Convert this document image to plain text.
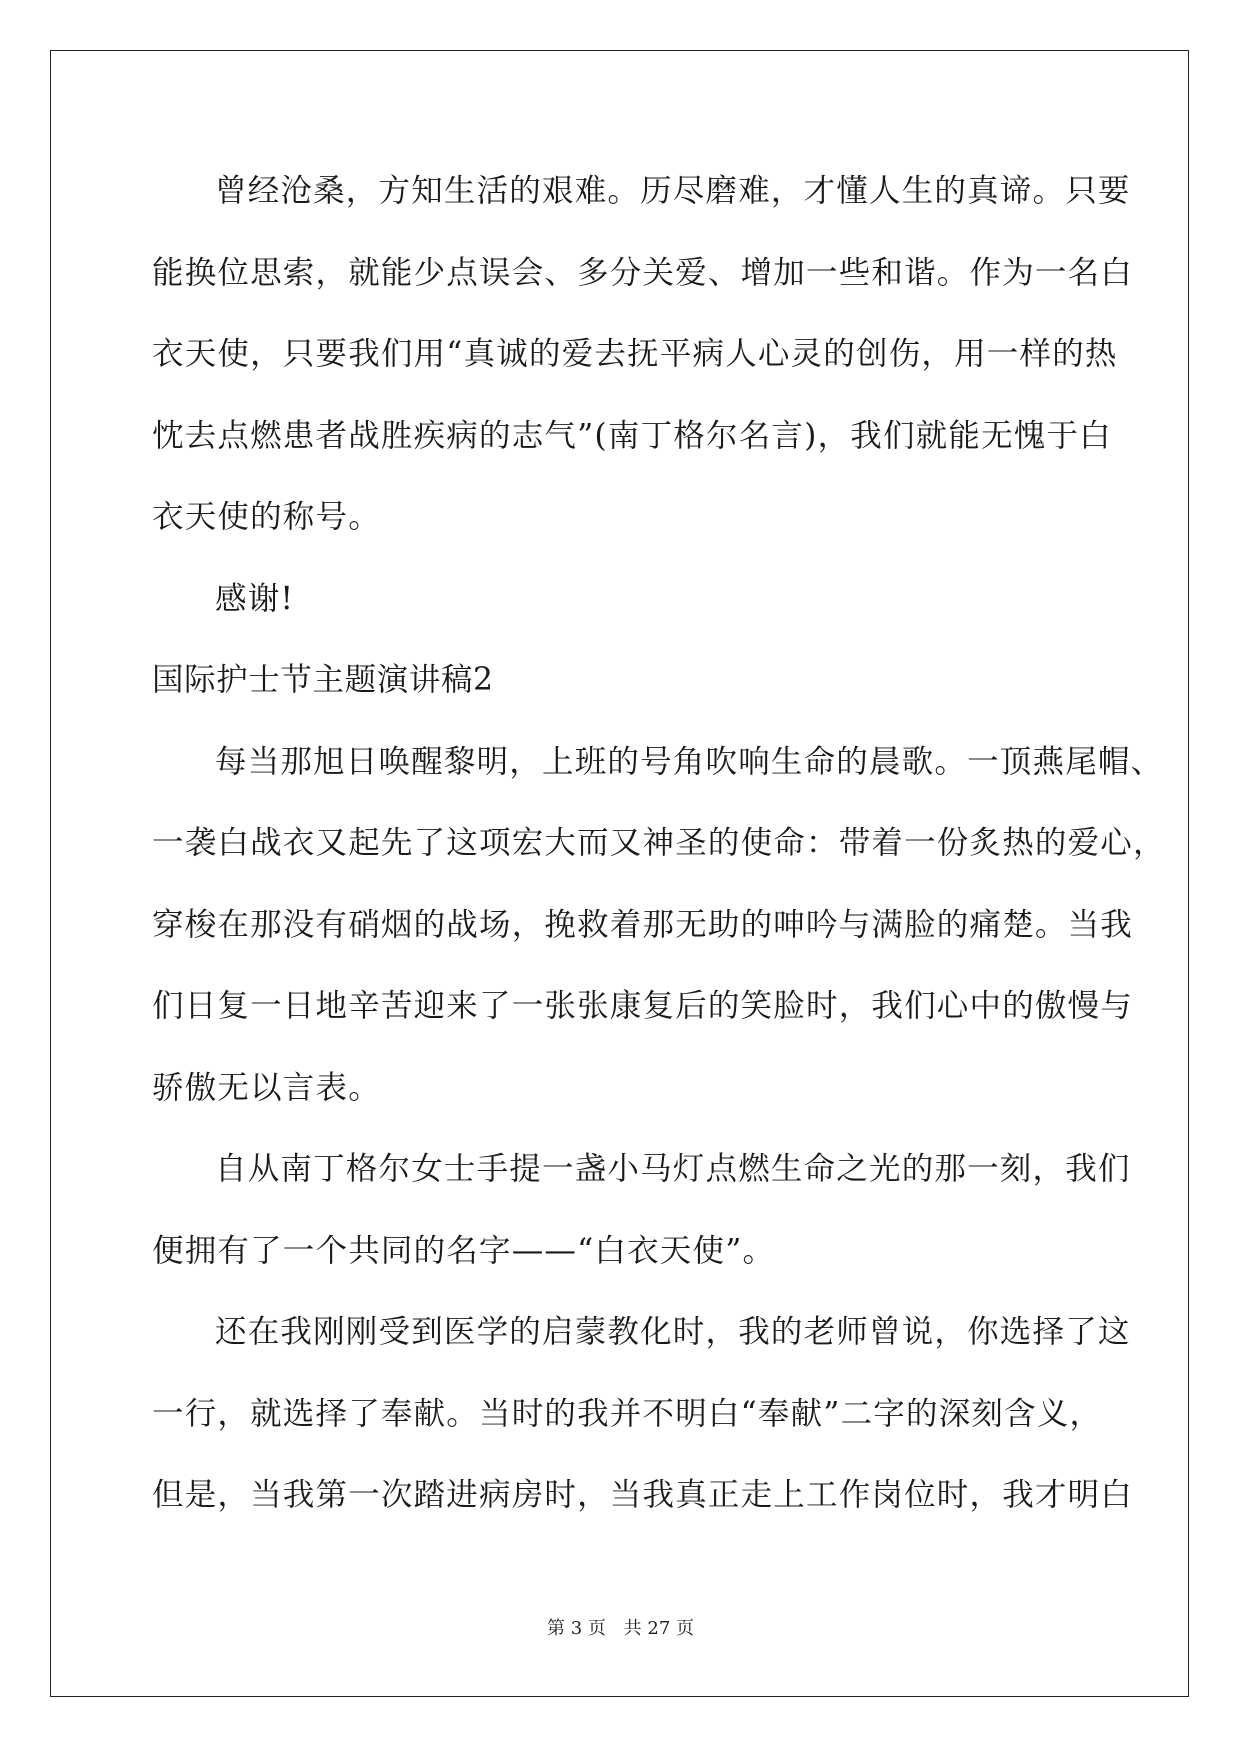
曾经沧桑，方知生活的艰难。历尽磨难，才懂人生的真谛。只要
能换位思索，就能少点误会、多分关爱、增加一些和谐。作为一名白
衣天使，只要我们用“真诚的爱去抚平病人心灵的创伤，用一样的热
忱去点燃患者战胜疾病的志气”(南丁格尔名言)，我们就能无愧于白
衣天使的称号。
感谢!
国际护士节主题演讲稿2
每当那旭日唤醒黎明，上班的号角吹响生命的晨歌。一顶燕尾帽、
一袭白战衣又起先了这项宏大而又神圣的使命：带着一份炙热的爱心，
穿梭在那没有硝烟的战场，挽救着那无助的呻吟与满脸的痛楚。当我
们日复一日地辛苦迎来了一张张康复后的笑脸时，我们心中的傲慢与
骄傲无以言表。
自从南丁格尔女士手提一盏小马灯点燃生命之光的那一刻，我们
便拥有了一个共同的名字——“白衣天使”。
还在我刚刚受到医学的启蒙教化时，我的老师曾说，你选择了这
一行，就选择了奉献。当时的我并不明白“奉献”二字的深刻含义，
但是，当我第一次踏进病房时，当我真正走上工作岗位时，我才明白
第 3 页 共 27 页
